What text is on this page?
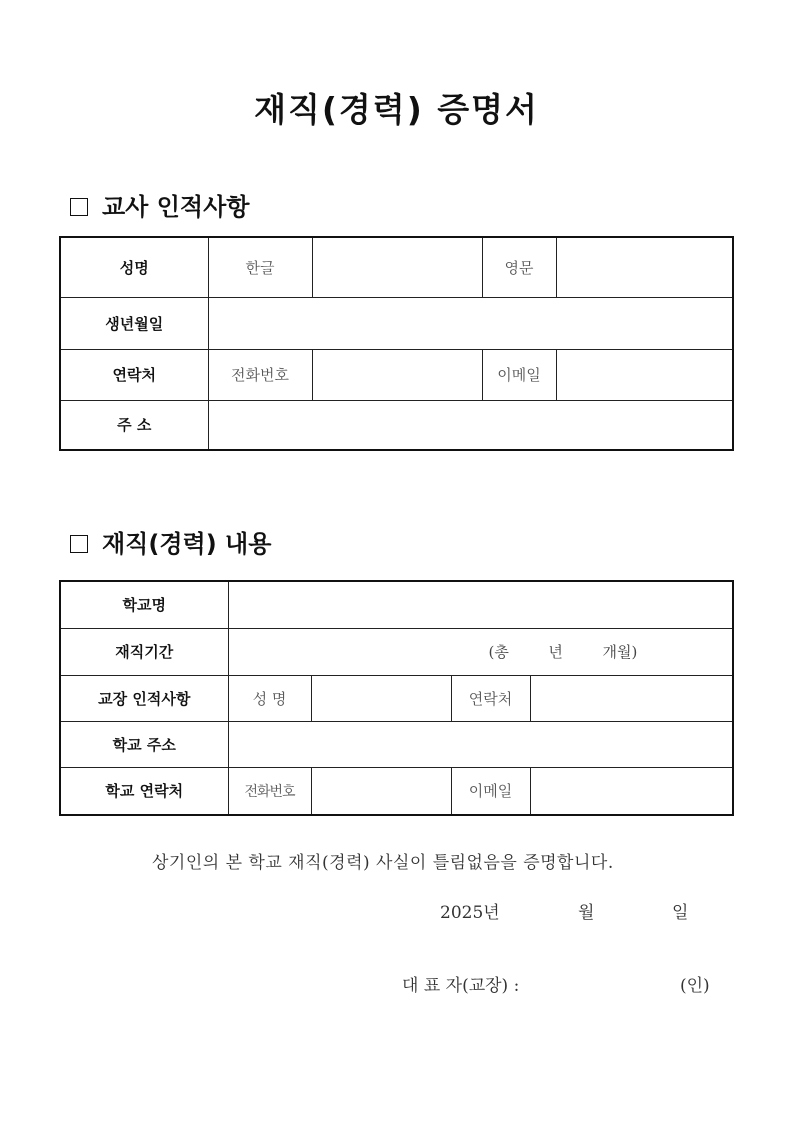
재직(경력) 증명서
교사 인적사항
성명	한글		영문	
생년월일				
연락처	전화번호		이메일	
주 소				
재직(경력) 내용
학교명				
재직기간	(총 년 개월)			
교장 인적사항	성 명		연락처	
학교 주소				
학교 연락처	전화번호		이메일	
상기인의 본 학교 재직(경력) 사실이 틀림없음을 증명합니다.
2025년	월	일
대 표 자(교장) :	(인)
